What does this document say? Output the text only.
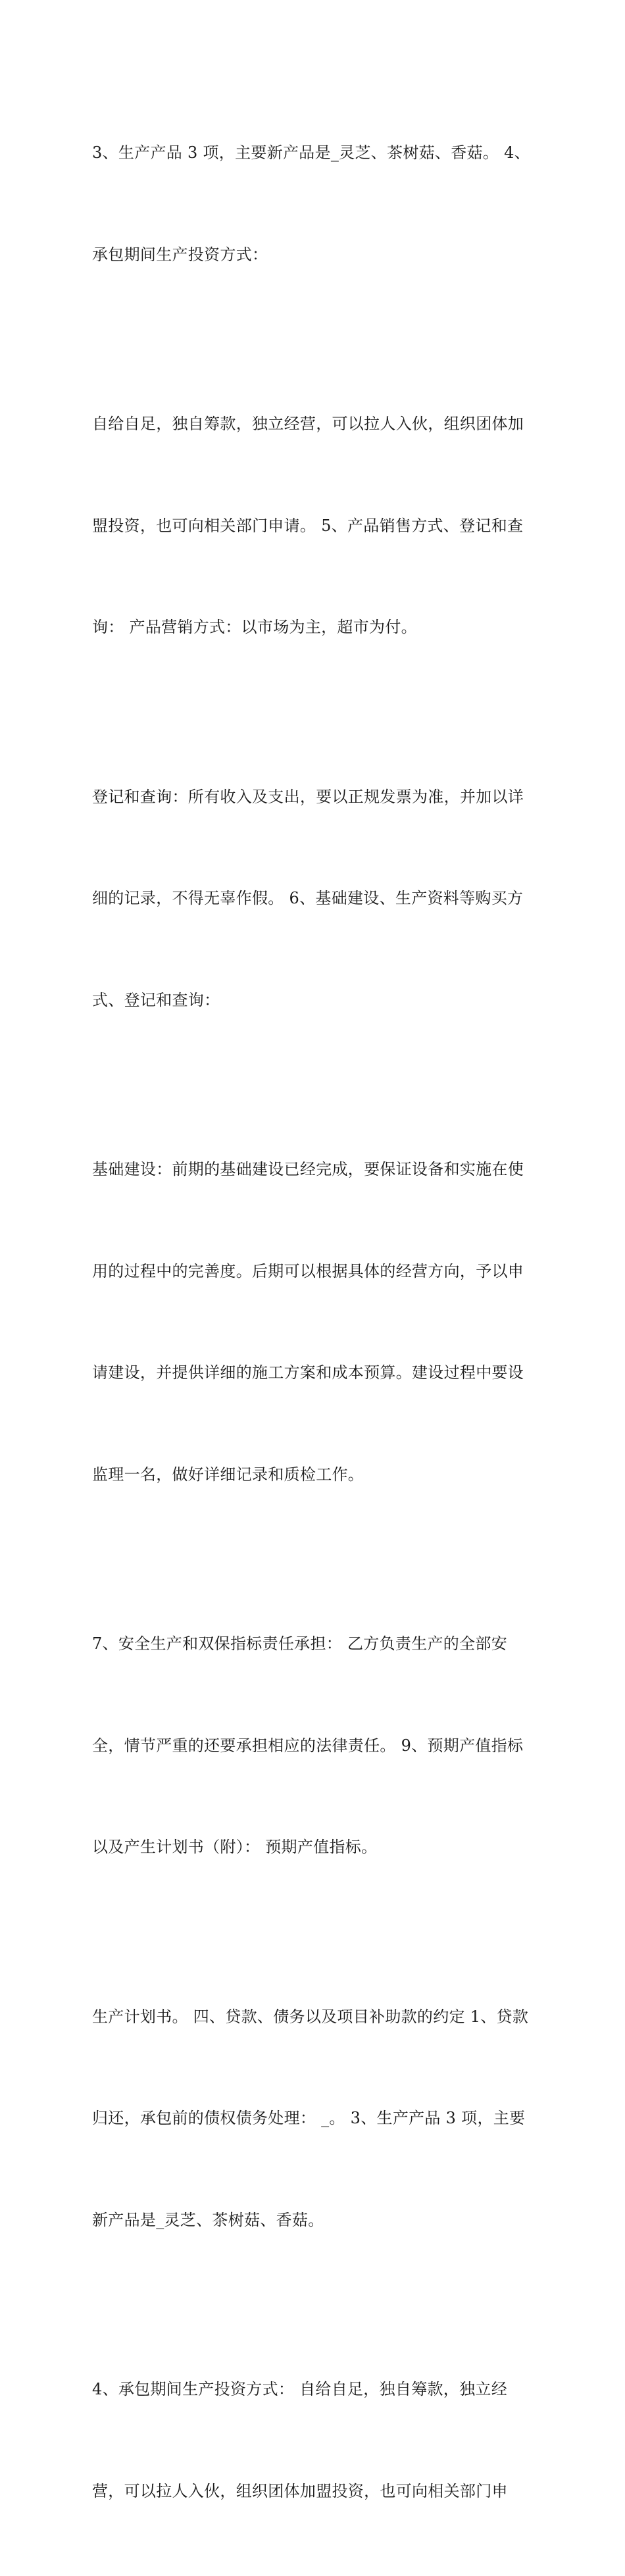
3、生产产品 3 项，主要新产品是_灵芝、茶树菇、香菇。 4、

承包期间生产投资方式：

自给自足，独自筹款，独立经营，可以拉人入伙，组织团体加

盟投资，也可向相关部门申请。 5、产品销售方式、登记和查

询： 产品营销方式：以市场为主，超市为付。

登记和查询：所有收入及支出，要以正规发票为准，并加以详

细的记录，不得无辜作假。 6、基础建设、生产资料等购买方

式、登记和查询：

基础建设：前期的基础建设已经完成，要保证设备和实施在使

用的过程中的完善度。后期可以根据具体的经营方向，予以申

请建设，并提供详细的施工方案和成本预算。建设过程中要设

监理一名，做好详细记录和质检工作。

7、安全生产和双保指标责任承担： 乙方负责生产的全部安

全，情节严重的还要承担相应的法律责任。 9、预期产值指标

以及产生计划书（附）： 预期产值指标。

生产计划书。 四、贷款、债务以及项目补助款的约定 1、贷款

归还，承包前的债权债务处理： _。 3、生产产品 3 项，主要

新产品是_灵芝、茶树菇、香菇。

4、承包期间生产投资方式： 自给自足，独自筹款，独立经

营，可以拉人入伙，组织团体加盟投资，也可向相关部门申
